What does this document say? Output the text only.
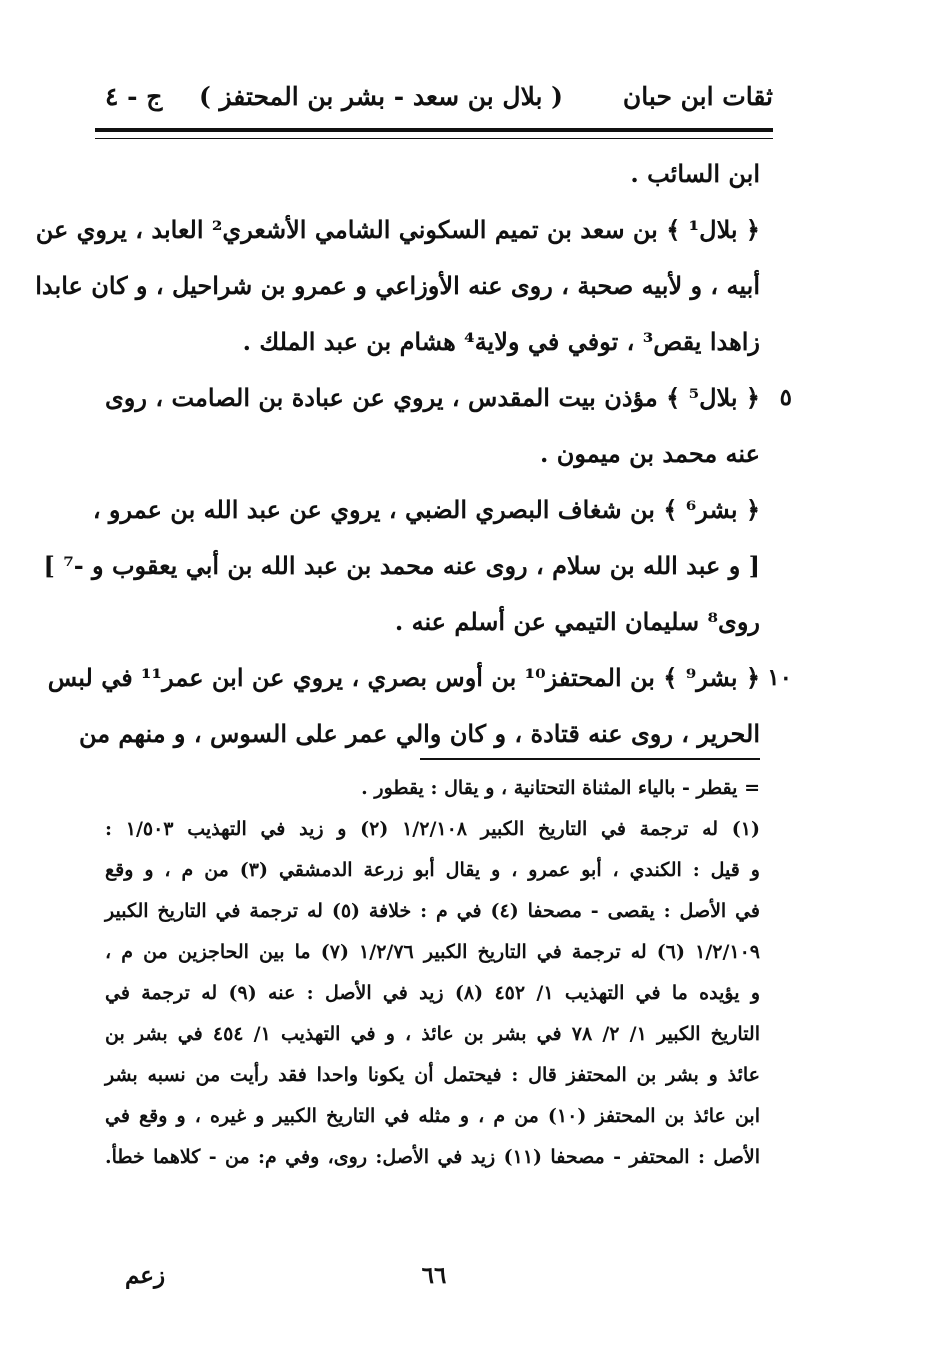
ثقات ابن حبان
( بلال بن سعد - بشر بن المحتفز )
ج - ٤
ابن السائب .
﴿ بلال¹ ﴾ بن سعد بن تميم السكوني الشامي الأشعري² العابد ، يروي عن
أبيه ، و لأبيه صحبة ، روى عنه الأوزاعي و عمرو بن شراحيل ، و كان عابدا
زاهدا يقص³ ، توفي في ولاية⁴ هشام بن عبد الملك .
﴿ بلال⁵ ﴾ مؤذن بيت المقدس ، يروي عن عبادة بن الصامت ، روى
عنه محمد بن ميمون .
﴿ بشر⁶ ﴾ بن شغاف البصري الضبي ، يروي عن عبد الله بن عمرو ،
[ و عبد الله بن سلام ، روى عنه محمد بن عبد الله بن أبي يعقوب و -⁷ ]
روى⁸ سليمان التيمي عن أسلم عنه .
﴿ بشر⁹ ﴾ بن المحتفز¹⁰ بن أوس بصري ، يروي عن ابن عمر¹¹ في لبس
الحرير ، روى عنه قتادة ، و كان والي عمر على السوس ، و منهم من
٥
١٠
= يقطر - بالياء المثناة التحتانية ، و يقال : يقطور .
(١) له ترجمة في التاريخ الكبير ١/٢/١٠٨ (٢) و زيد في التهذيب ١/٥٠٣ :
و قيل : الكندي ، أبو عمرو ، و يقال أبو زرعة الدمشقي (٣) من م ، و وقع
في الأصل : يقصى - مصحفا (٤) في م : خلافة (٥) له ترجمة في التاريخ الكبير
١/٢/١٠٩ (٦) له ترجمة في التاريخ الكبير ١/٢/٧٦ (٧) ما بين الحاجزين من م ،
و يؤيده ما في التهذيب ١/ ٤٥٢ (٨) زيد في الأصل : عنه (٩) له ترجمة في
التاريخ الكبير ١/ ٢/ ٧٨ في بشر بن عائذ ، و في التهذيب ١/ ٤٥٤ في بشر بن
عائذ و بشر بن المحتفز قال : فيحتمل أن يكونا واحدا فقد رأيت من نسبه بشر
ابن عائذ بن المحتفز (١٠) من م ، و مثله في التاريخ الكبير و غيره ، و وقع في
الأصل : المحتفر - مصحفا (١١) زيد في الأصل: روى، وفي م: من - كلاهما خطأ.
٦٦
زعم
